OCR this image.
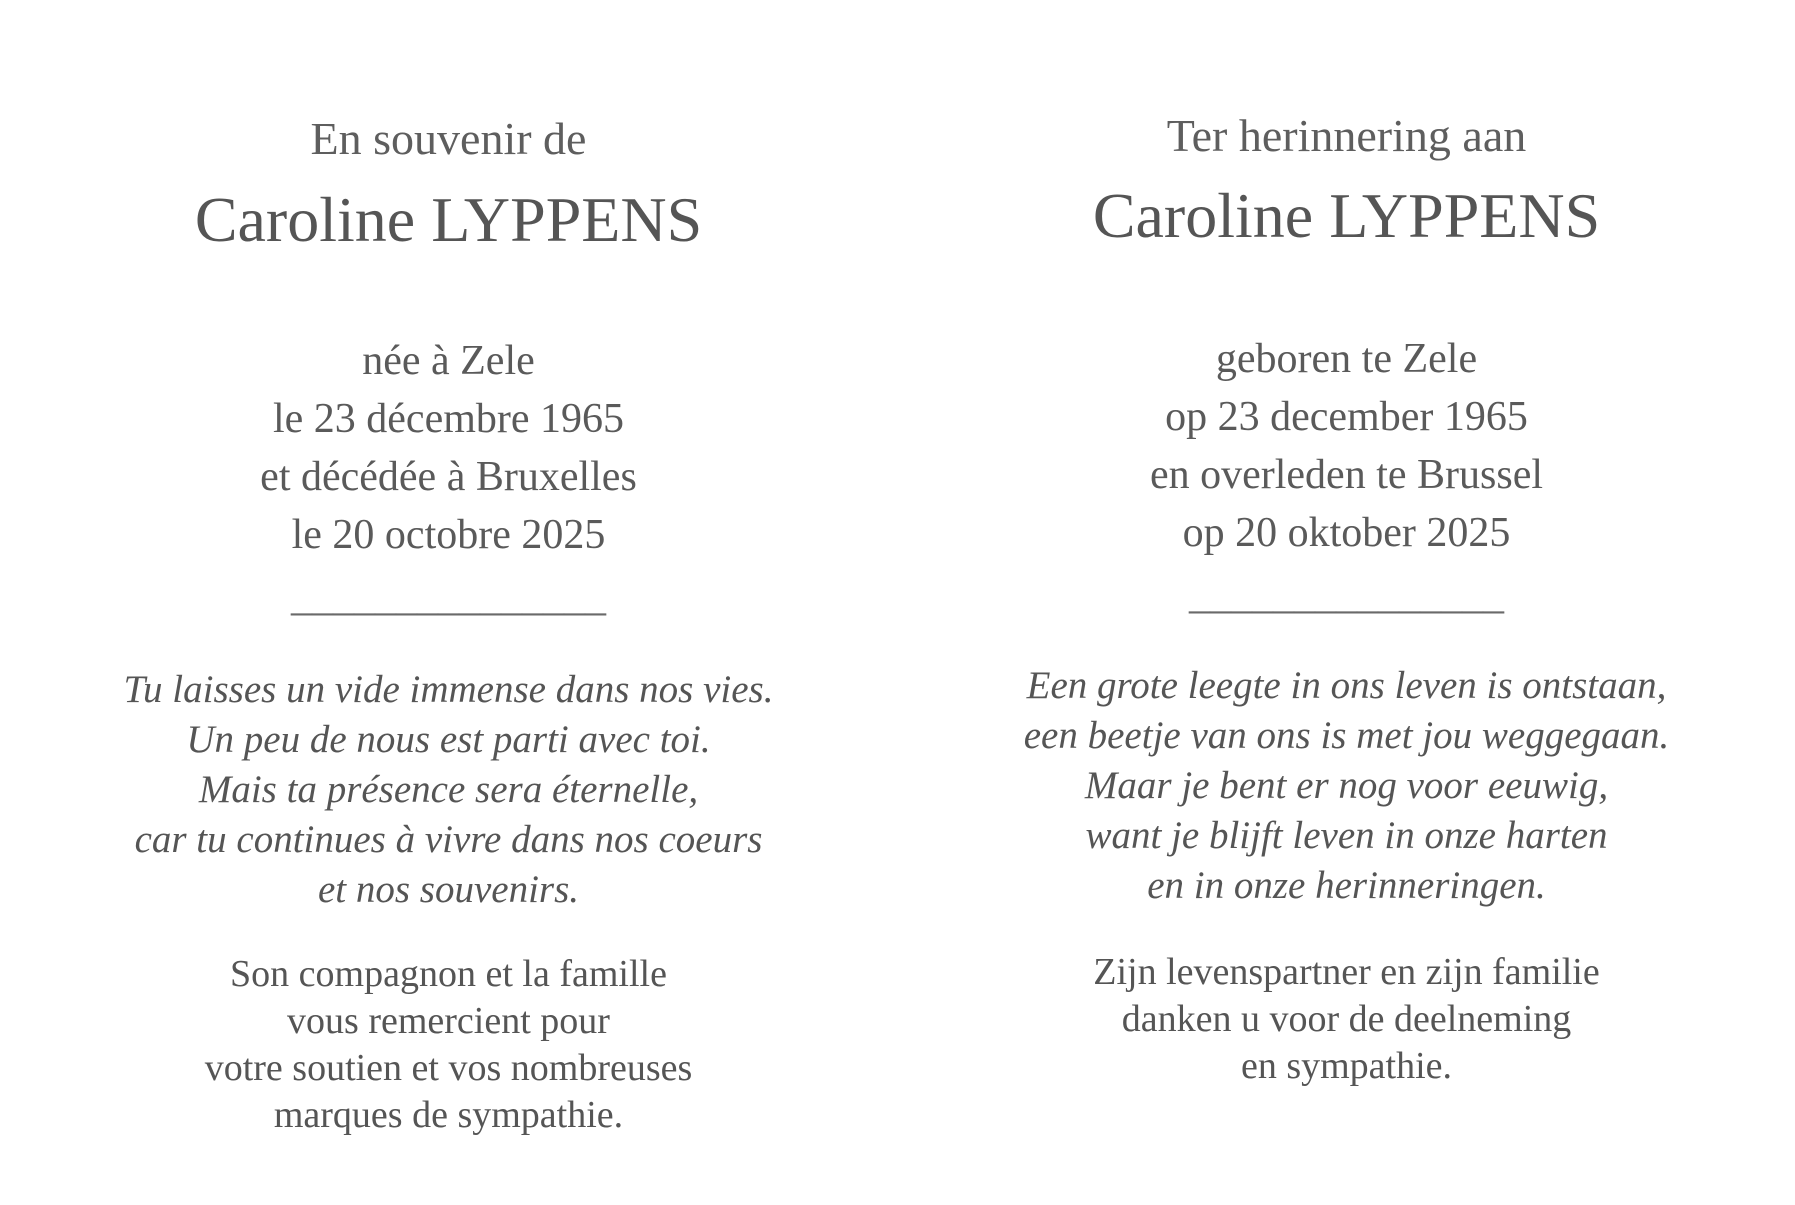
En souvenir de
Caroline LYPPENS
née à Zele
le 23 décembre 1965
et décédée à Bruxelles
le 20 octobre 2025
_______________
Tu laisses un vide immense dans nos vies.
Un peu de nous est parti avec toi.
Mais ta présence sera éternelle,
car tu continues à vivre dans nos coeurs
et nos souvenirs.
Son compagnon et la famille
vous remercient pour
votre soutien et vos nombreuses
marques de sympathie.
Ter herinnering aan
Caroline LYPPENS
geboren te Zele
op 23 december 1965
en overleden te Brussel
op 20 oktober 2025
_______________
Een grote leegte in ons leven is ontstaan,
een beetje van ons is met jou weggegaan.
Maar je bent er nog voor eeuwig,
want je blijft leven in onze harten
en in onze herinneringen.
Zijn levenspartner en zijn familie
danken u voor de deelneming
en sympathie.
